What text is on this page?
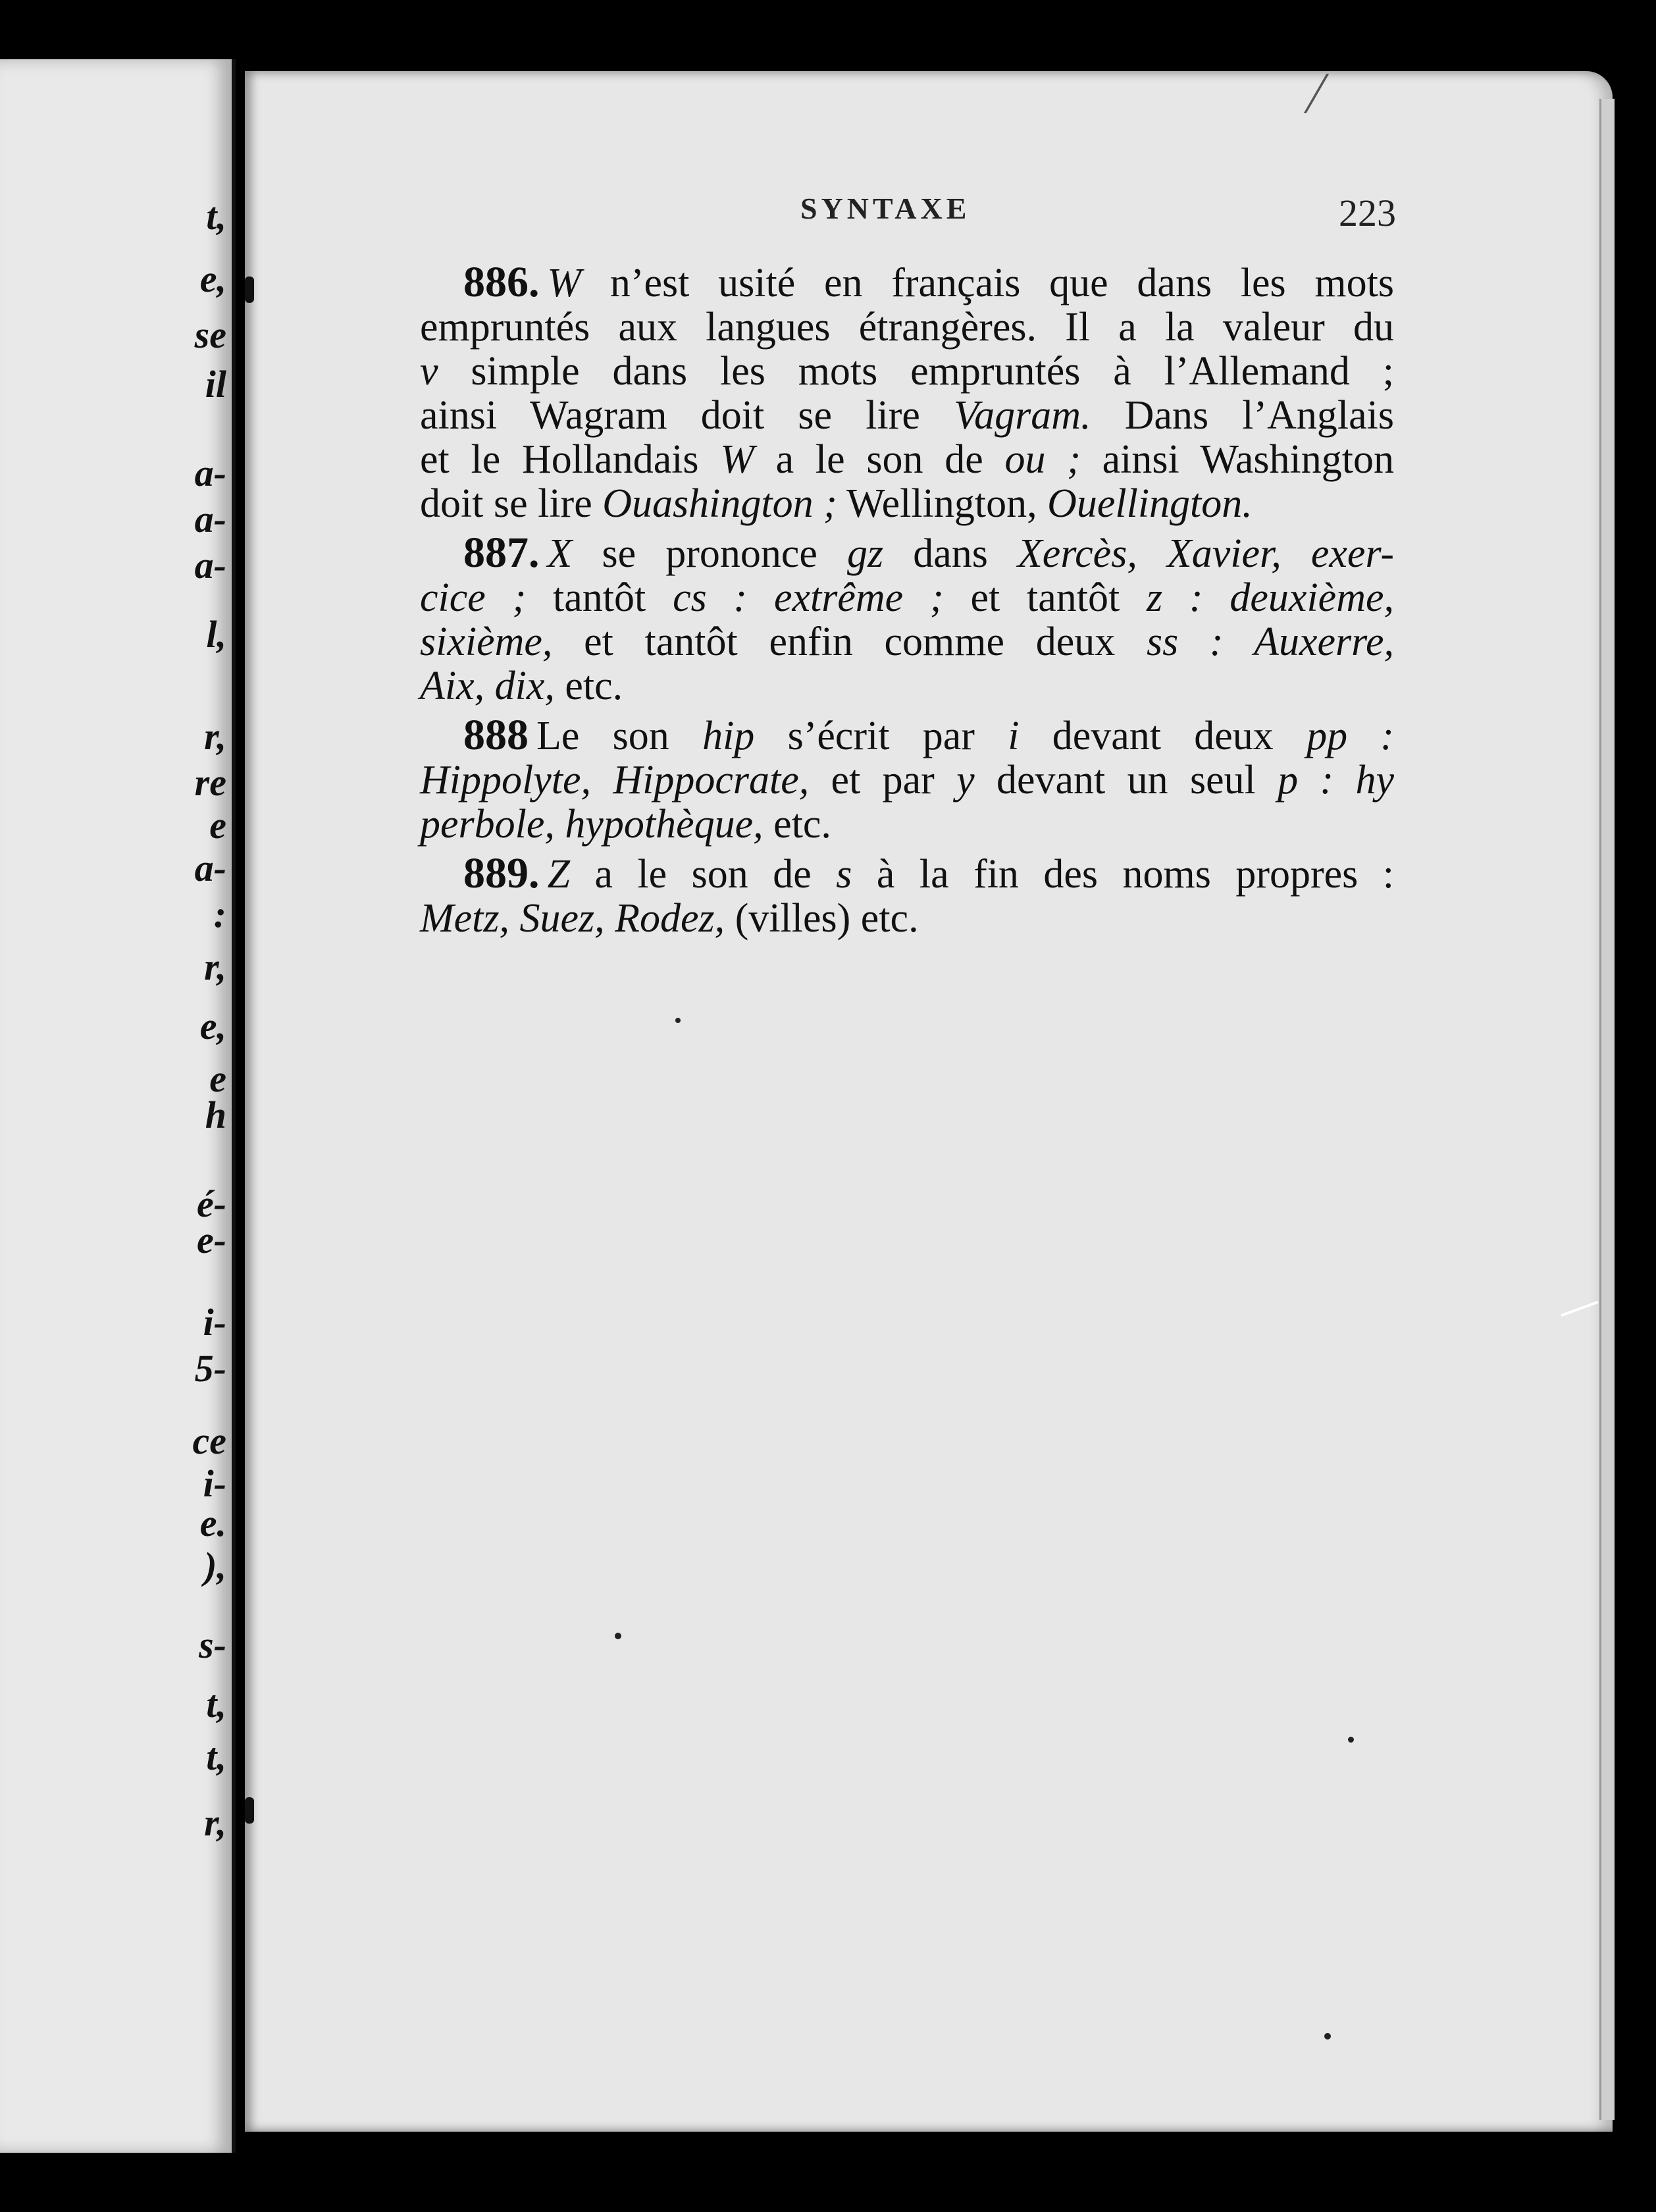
t,
e,
se
il
a-
a-
a-
l,
r,
re
e
a-
:
r,
e,
e
h
é-
e-
i-
5-
ce
i-
e.
),
s-
t,
t,
r,
SYNTAXE	223
886. W n’est usité en français que dans les mots
empruntés aux langues étrangères. Il a la valeur du
v simple dans les mots empruntés à l’Allemand ;
ainsi Wagram doit se lire Vagram. Dans l’Anglais
et le Hollandais W a le son de ou ; ainsi Washington
doit se lire Ouashington ; Wellington, Ouellington.
887. X se prononce gz dans Xercès, Xavier, exer-
cice ; tantôt cs : extrême ; et tantôt z : deuxième,
sixième, et tantôt enfin comme deux ss : Auxerre,
Aix, dix, etc.
888 Le son hip s’écrit par i devant deux pp :
Hippolyte, Hippocrate, et par y devant un seul p : hy
perbole, hypothèque, etc.
889. Z a le son de s à la fin des noms propres :
Metz, Suez, Rodez, (villes) etc.
